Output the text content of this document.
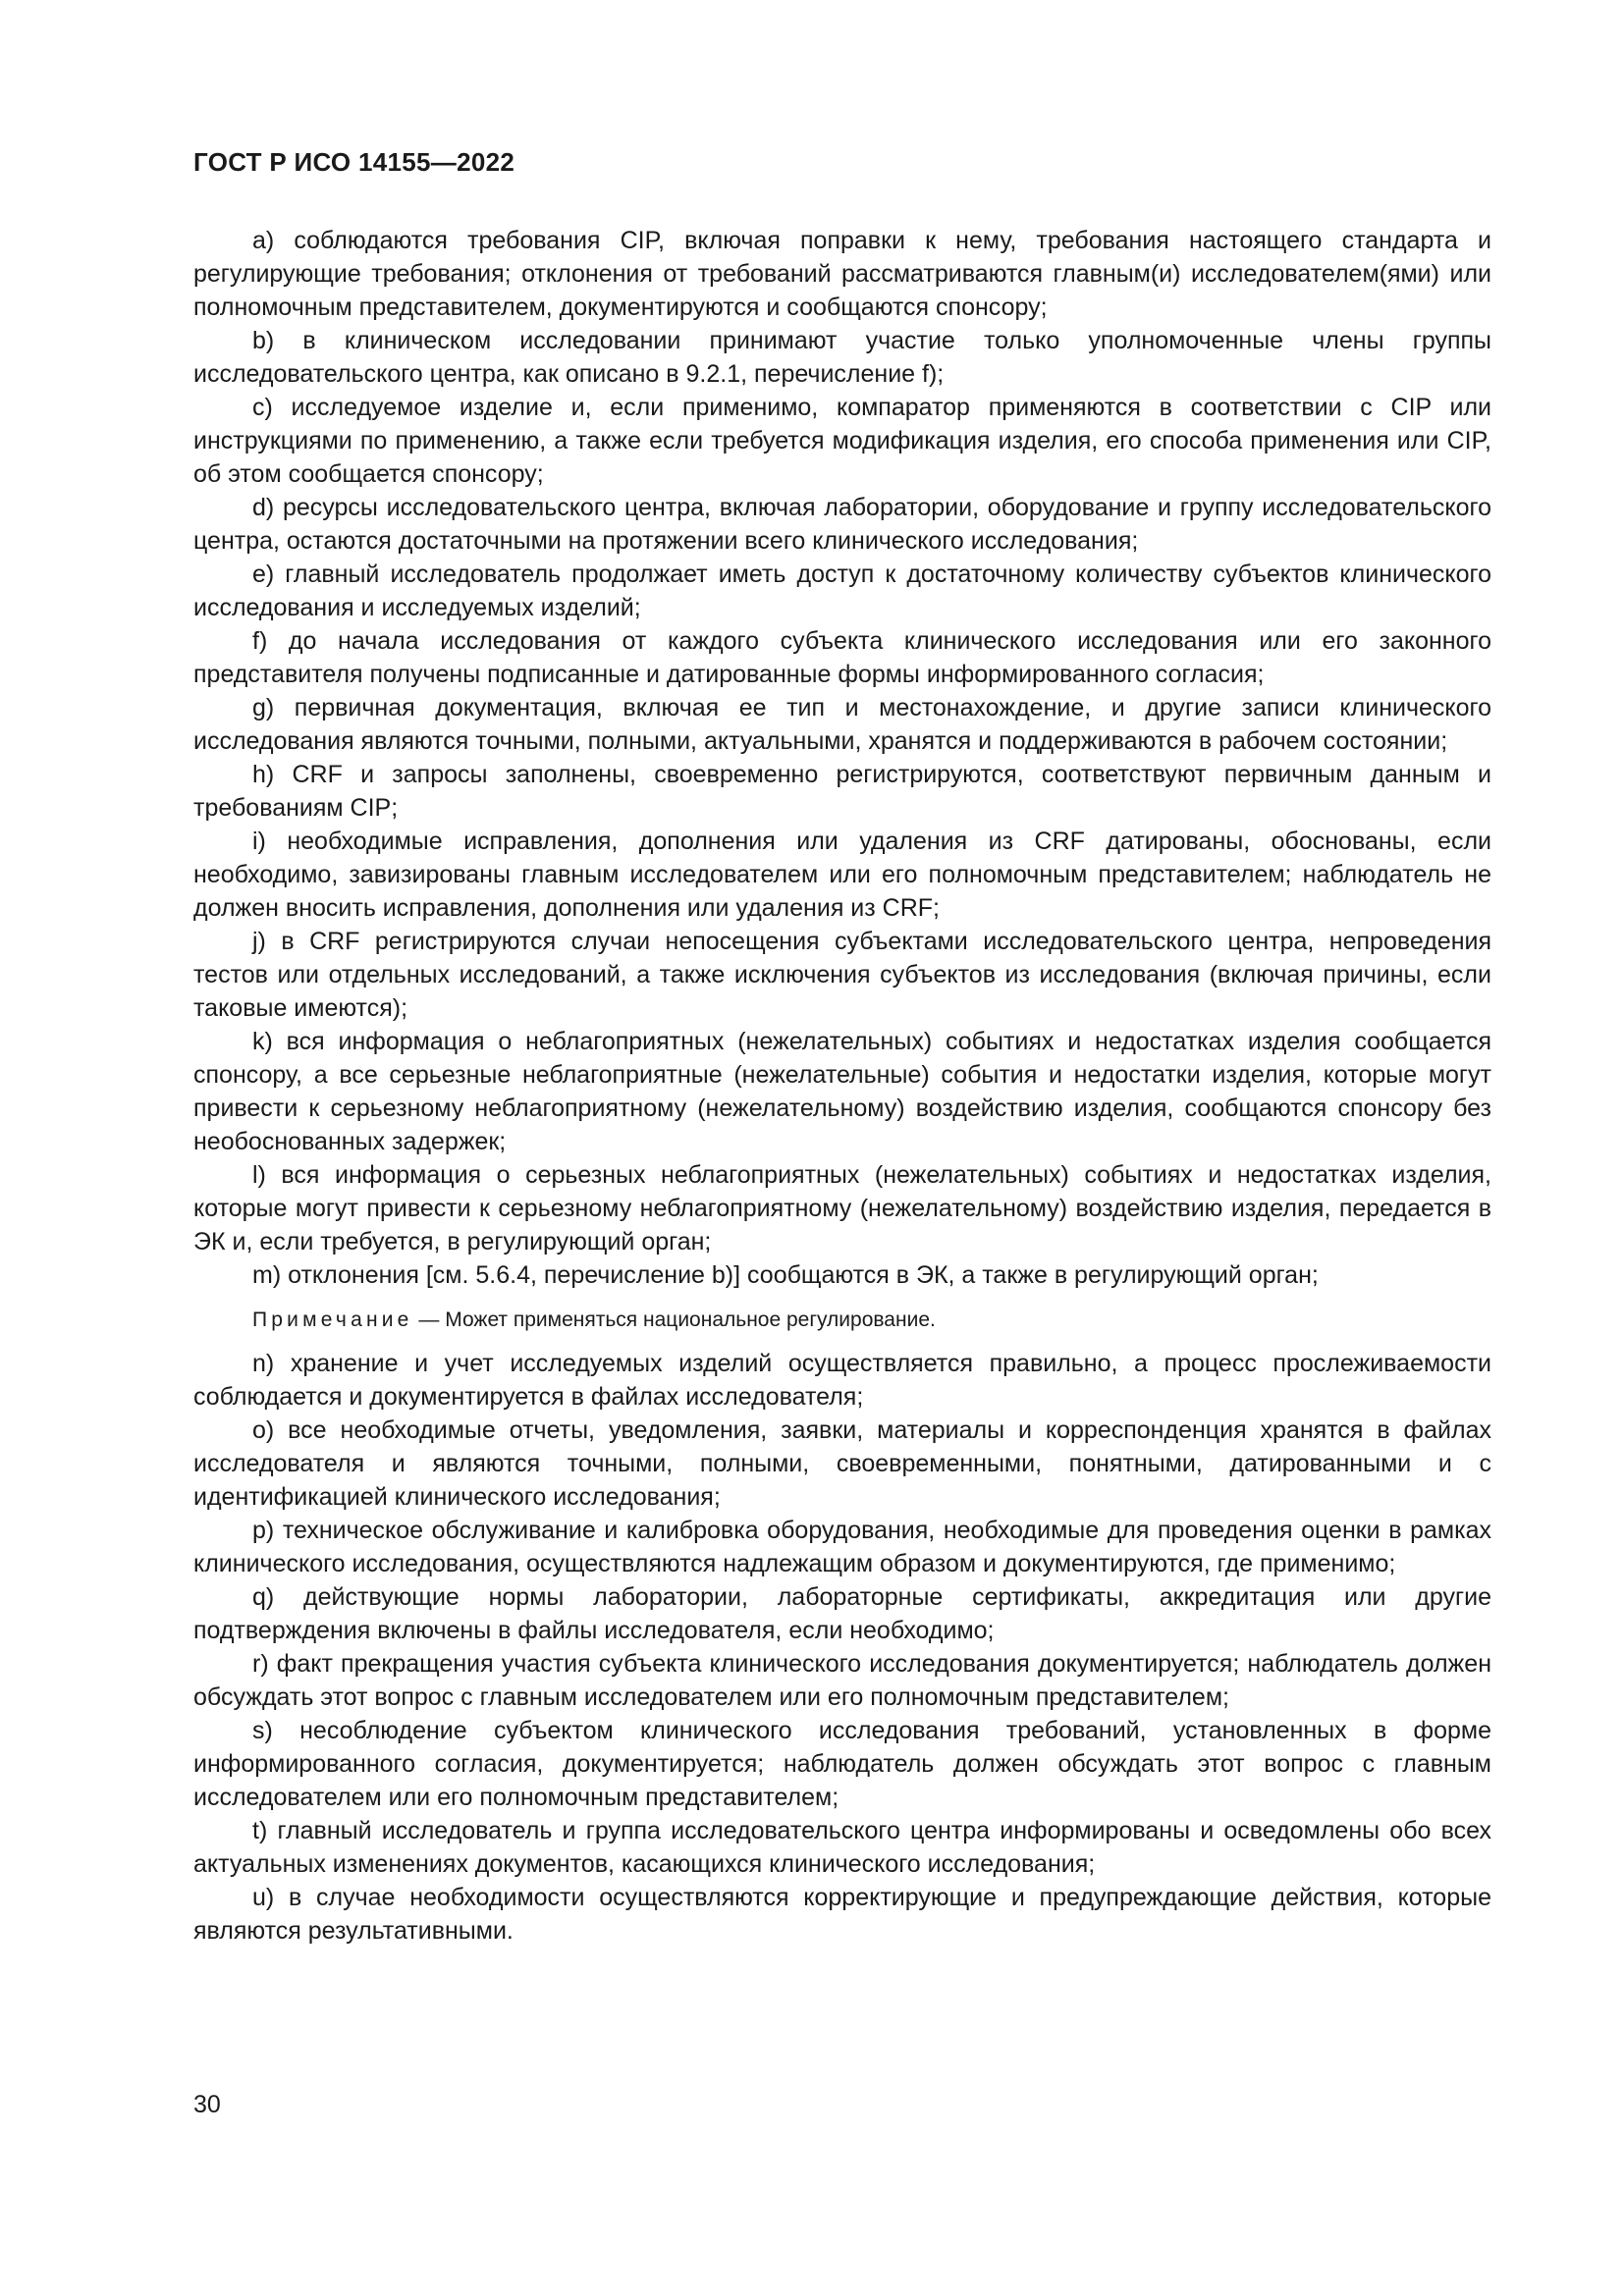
ГОСТ Р ИСО 14155—2022

a) соблюдаются требования CIP, включая поправки к нему, требования настоящего стандарта и регулирующие требования; отклонения от требований рассматриваются главным(и) исследователем(ями) или полномочным представителем, документируются и сообщаются спонсору;

b) в клиническом исследовании принимают участие только уполномоченные члены группы исследовательского центра, как описано в 9.2.1, перечисление f);

c) исследуемое изделие и, если применимо, компаратор применяются в соответствии с CIP или инструкциями по применению, а также если требуется модификация изделия, его способа применения или CIP, об этом сообщается спонсору;

d) ресурсы исследовательского центра, включая лаборатории, оборудование и группу исследовательского центра, остаются достаточными на протяжении всего клинического исследования;

e) главный исследователь продолжает иметь доступ к достаточному количеству субъектов клинического исследования и исследуемых изделий;

f) до начала исследования от каждого субъекта клинического исследования или его законного представителя получены подписанные и датированные формы информированного согласия;

g) первичная документация, включая ее тип и местонахождение, и другие записи клинического исследования являются точными, полными, актуальными, хранятся и поддерживаются в рабочем состоянии;

h) CRF и запросы заполнены, своевременно регистрируются, соответствуют первичным данным и требованиям CIP;

i) необходимые исправления, дополнения или удаления из CRF датированы, обоснованы, если необходимо, завизированы главным исследователем или его полномочным представителем; наблюдатель не должен вносить исправления, дополнения или удаления из CRF;

j) в CRF регистрируются случаи непосещения субъектами исследовательского центра, непроведения тестов или отдельных исследований, а также исключения субъектов из исследования (включая причины, если таковые имеются);

k) вся информация о неблагоприятных (нежелательных) событиях и недостатках изделия сообщается спонсору, а все серьезные неблагоприятные (нежелательные) события и недостатки изделия, которые могут привести к серьезному неблагоприятному (нежелательному) воздействию изделия, сообщаются спонсору без необоснованных задержек;

l) вся информация о серьезных неблагоприятных (нежелательных) событиях и недостатках изделия, которые могут привести к серьезному неблагоприятному (нежелательному) воздействию изделия, передается в ЭК и, если требуется, в регулирующий орган;

m) отклонения [см. 5.6.4, перечисление b)] сообщаются в ЭК, а также в регулирующий орган;

Примечание — Может применяться национальное регулирование.

n) хранение и учет исследуемых изделий осуществляется правильно, а процесс прослеживаемости соблюдается и документируется в файлах исследователя;

o) все необходимые отчеты, уведомления, заявки, материалы и корреспонденция хранятся в файлах исследователя и являются точными, полными, своевременными, понятными, датированными и с идентификацией клинического исследования;

p) техническое обслуживание и калибровка оборудования, необходимые для проведения оценки в рамках клинического исследования, осуществляются надлежащим образом и документируются, где применимо;

q) действующие нормы лаборатории, лабораторные сертификаты, аккредитация или другие подтверждения включены в файлы исследователя, если необходимо;

r) факт прекращения участия субъекта клинического исследования документируется; наблюдатель должен обсуждать этот вопрос с главным исследователем или его полномочным представителем;

s) несоблюдение субъектом клинического исследования требований, установленных в форме информированного согласия, документируется; наблюдатель должен обсуждать этот вопрос с главным исследователем или его полномочным представителем;

t) главный исследователь и группа исследовательского центра информированы и осведомлены обо всех актуальных изменениях документов, касающихся клинического исследования;

u) в случае необходимости осуществляются корректирующие и предупреждающие действия, которые являются результативными.

30
